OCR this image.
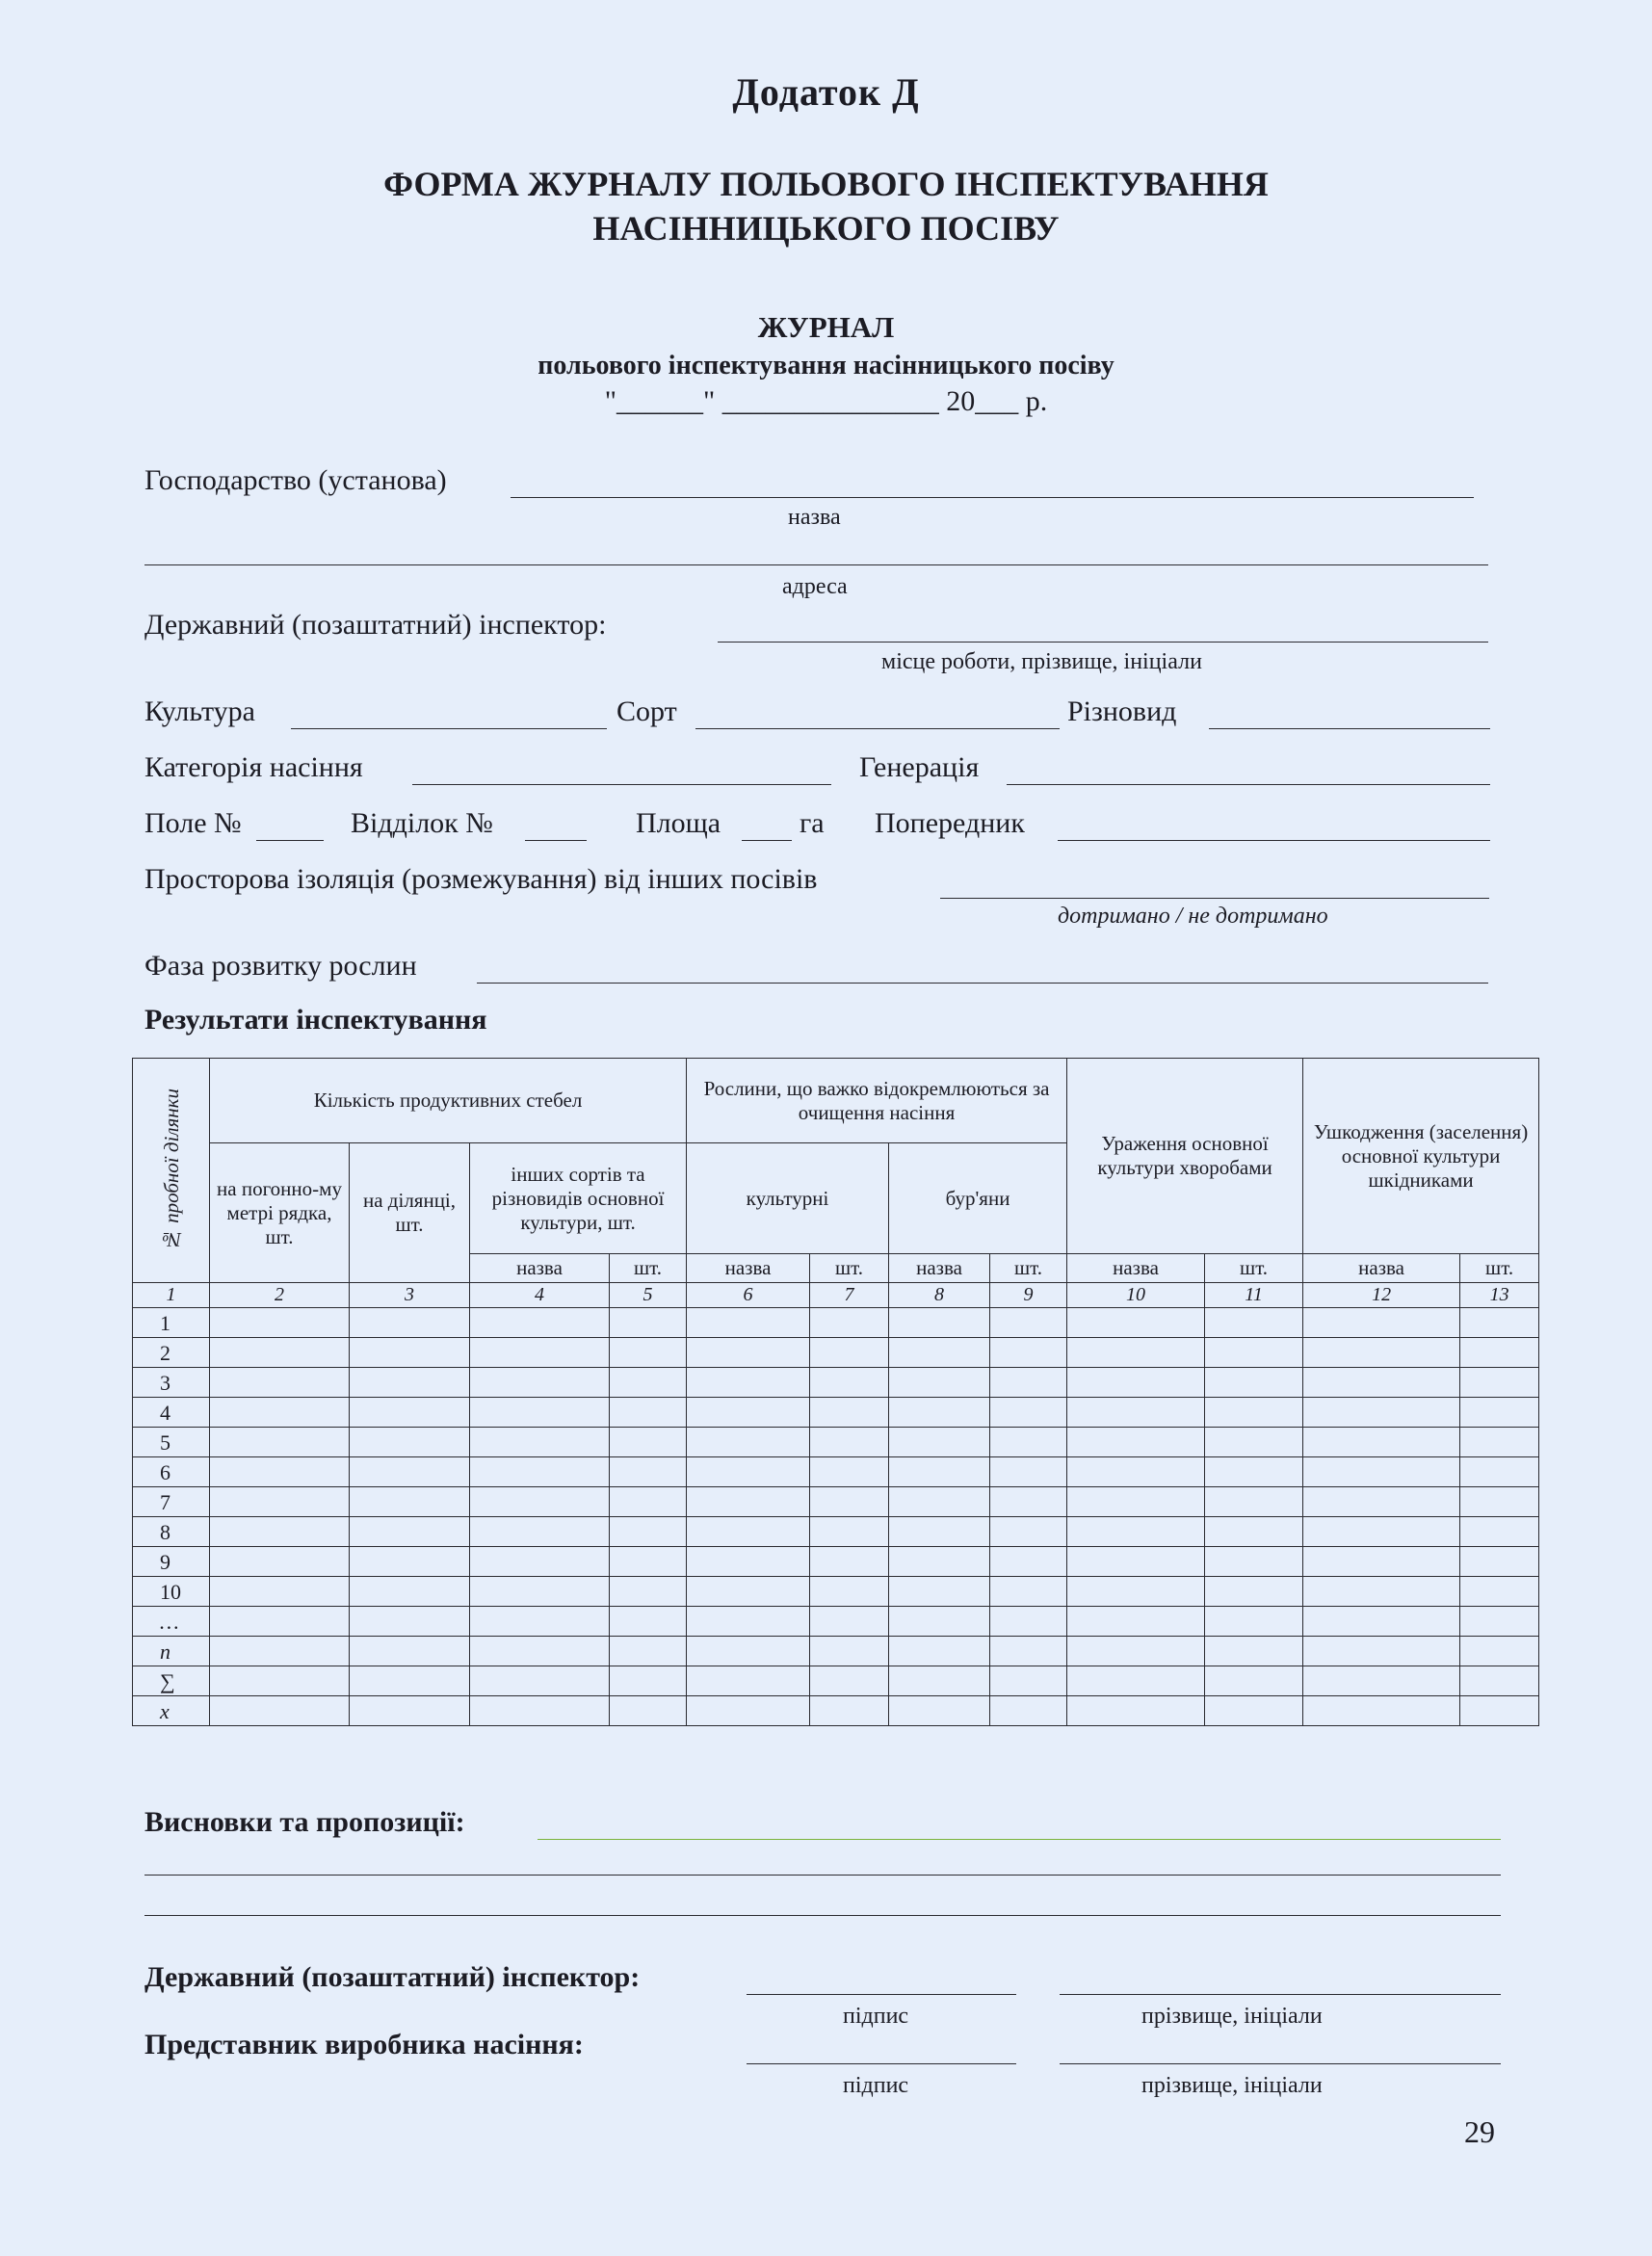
Додаток Д
ФОРМА ЖУРНАЛУ ПОЛЬОВОГО ІНСПЕКТУВАННЯ
НАСІННИЦЬКОГО ПОСІВУ
ЖУРНАЛ
польового інспектування насінницького посіву
"______" _______________ 20___ р.
Господарство (установа)
назва
адреса
Державний (позаштатний) інспектор:
місце роботи, прізвище, ініціали
Культура	Сорт	Різновид
Категорія насіння	Генерація
Поле №	Відділок №	Площа	га Попередник
Просторова ізоляція (розмежування) від інших посівів
дотримано / не дотримано
Фаза розвитку рослин
Результати інспектування
№ пробної ділянки	Кількість продуктивних стебел				Рослини, що важко відокремлюються за очищення насіння				Ураження основної культури хворобами		Ушкодження (заселення) основної культури шкідниками	
	на погонно-му метрі рядка, шт.	на ділянці, шт.	інших сортів та різновидів основної культури, шт.		культурні		бур'яни					
			назва	шт.	назва	шт.	назва	шт.	назва	шт.	назва	шт.
1	2	3	4	5	6	7	8	9	10	11	12	13
1												
2												
3												
4												
5												
6												
7												
8												
9												
10												
…												
n												
∑												
x												
Висновки та пропозиції:
Державний (позаштатний) інспектор:
підпис	прізвище, ініціали
Представник виробника насіння:
підпис	прізвище, ініціали
29
